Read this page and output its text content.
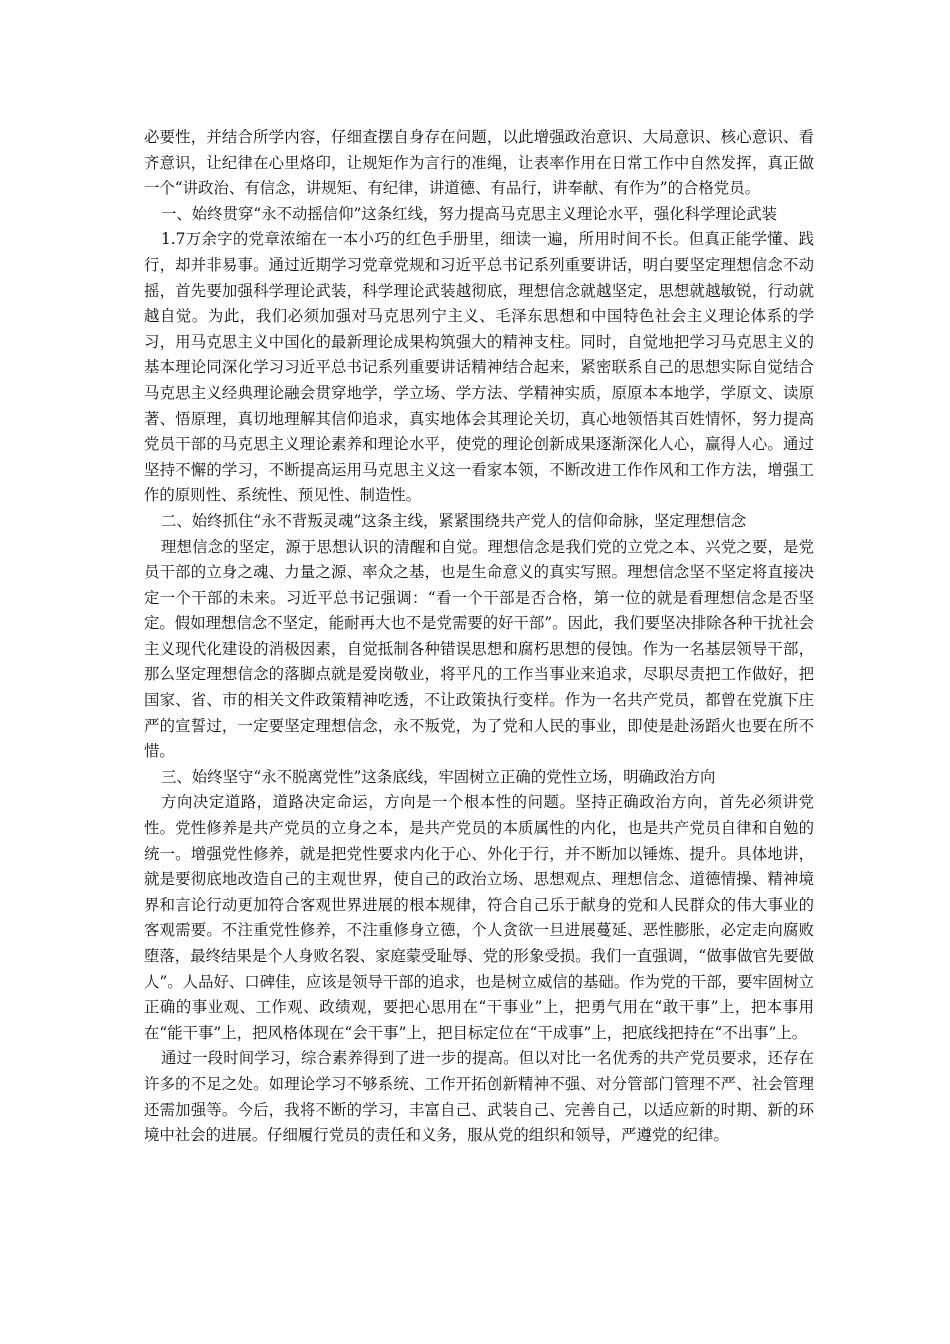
必要性，并结合所学内容，仔细查摆自身存在问题，以此增强政治意识、大局意识、核心意识、看齐意识，让纪律在心里烙印，让规矩作为言行的准绳，让表率作用在日常工作中自然发挥，真正做一个“讲政治、有信念，讲规矩、有纪律，讲道德、有品行，讲奉献、有作为”的合格党员。

一、始终贯穿“永不动摇信仰”这条红线，努力提高马克思主义理论水平，强化科学理论武装

1.7万余字的党章浓缩在一本小巧的红色手册里，细读一遍，所用时间不长。但真正能学懂、践行，却并非易事。通过近期学习党章党规和习近平总书记系列重要讲话，明白要坚定理想信念不动摇，首先要加强科学理论武装，科学理论武装越彻底，理想信念就越坚定，思想就越敏锐，行动就越自觉。为此，我们必须加强对马克思列宁主义、毛泽东思想和中国特色社会主义理论体系的学习，用马克思主义中国化的最新理论成果构筑强大的精神支柱。同时，自觉地把学习马克思主义的基本理论同深化学习习近平总书记系列重要讲话精神结合起来，紧密联系自己的思想实际自觉结合马克思主义经典理论融会贯穿地学，学立场、学方法、学精神实质，原原本本地学，学原文、读原著、悟原理，真切地理解其信仰追求，真实地体会其理论关切，真心地领悟其百姓情怀，努力提高党员干部的马克思主义理论素养和理论水平，使党的理论创新成果逐渐深化人心，赢得人心。通过坚持不懈的学习，不断提高运用马克思主义这一看家本领，不断改进工作作风和工作方法，增强工作的原则性、系统性、预见性、制造性。

二、始终抓住“永不背叛灵魂”这条主线，紧紧围绕共产党人的信仰命脉，坚定理想信念

理想信念的坚定，源于思想认识的清醒和自觉。理想信念是我们党的立党之本、兴党之要，是党员干部的立身之魂、力量之源、率众之基，也是生命意义的真实写照。理想信念坚不坚定将直接决定一个干部的未来。习近平总书记强调：“看一个干部是否合格，第一位的就是看理想信念是否坚定。假如理想信念不坚定，能耐再大也不是党需要的好干部”。因此，我们要坚决排除各种干扰社会主义现代化建设的消极因素，自觉抵制各种错误思想和腐朽思想的侵蚀。作为一名基层领导干部，那么坚定理想信念的落脚点就是爱岗敬业，将平凡的工作当事业来追求，尽职尽责把工作做好，把国家、省、市的相关文件政策精神吃透，不让政策执行变样。作为一名共产党员，都曾在党旗下庄严的宣誓过，一定要坚定理想信念，永不叛党，为了党和人民的事业，即使是赴汤蹈火也要在所不惜。

三、始终坚守“永不脱离党性”这条底线，牢固树立正确的党性立场，明确政治方向

方向决定道路，道路决定命运，方向是一个根本性的问题。坚持正确政治方向，首先必须讲党性。党性修养是共产党员的立身之本，是共产党员的本质属性的内化，也是共产党员自律和自勉的统一。增强党性修养，就是把党性要求内化于心、外化于行，并不断加以锤炼、提升。具体地讲，就是要彻底地改造自己的主观世界，使自己的政治立场、思想观点、理想信念、道德情操、精神境界和言论行动更加符合客观世界进展的根本规律，符合自己乐于献身的党和人民群众的伟大事业的客观需要。不注重党性修养，不注重修身立德，个人贪欲一旦进展蔓延、恶性膨胀，必定走向腐败堕落，最终结果是个人身败名裂、家庭蒙受耻辱、党的形象受损。我们一直强调，“做事做官先要做人”。人品好、口碑佳，应该是领导干部的追求，也是树立威信的基础。作为党的干部，要牢固树立正确的事业观、工作观、政绩观，要把心思用在“干事业”上，把勇气用在“敢干事”上，把本事用在“能干事”上，把风格体现在“会干事”上，把目标定位在“干成事”上，把底线把持在“不出事”上。

通过一段时间学习，综合素养得到了进一步的提高。但以对比一名优秀的共产党员要求，还存在许多的不足之处。如理论学习不够系统、工作开拓创新精神不强、对分管部门管理不严、社会管理还需加强等。今后，我将不断的学习，丰富自己、武装自己、完善自己，以适应新的时期、新的环境中社会的进展。仔细履行党员的责任和义务，服从党的组织和领导，严遵党的纪律。
